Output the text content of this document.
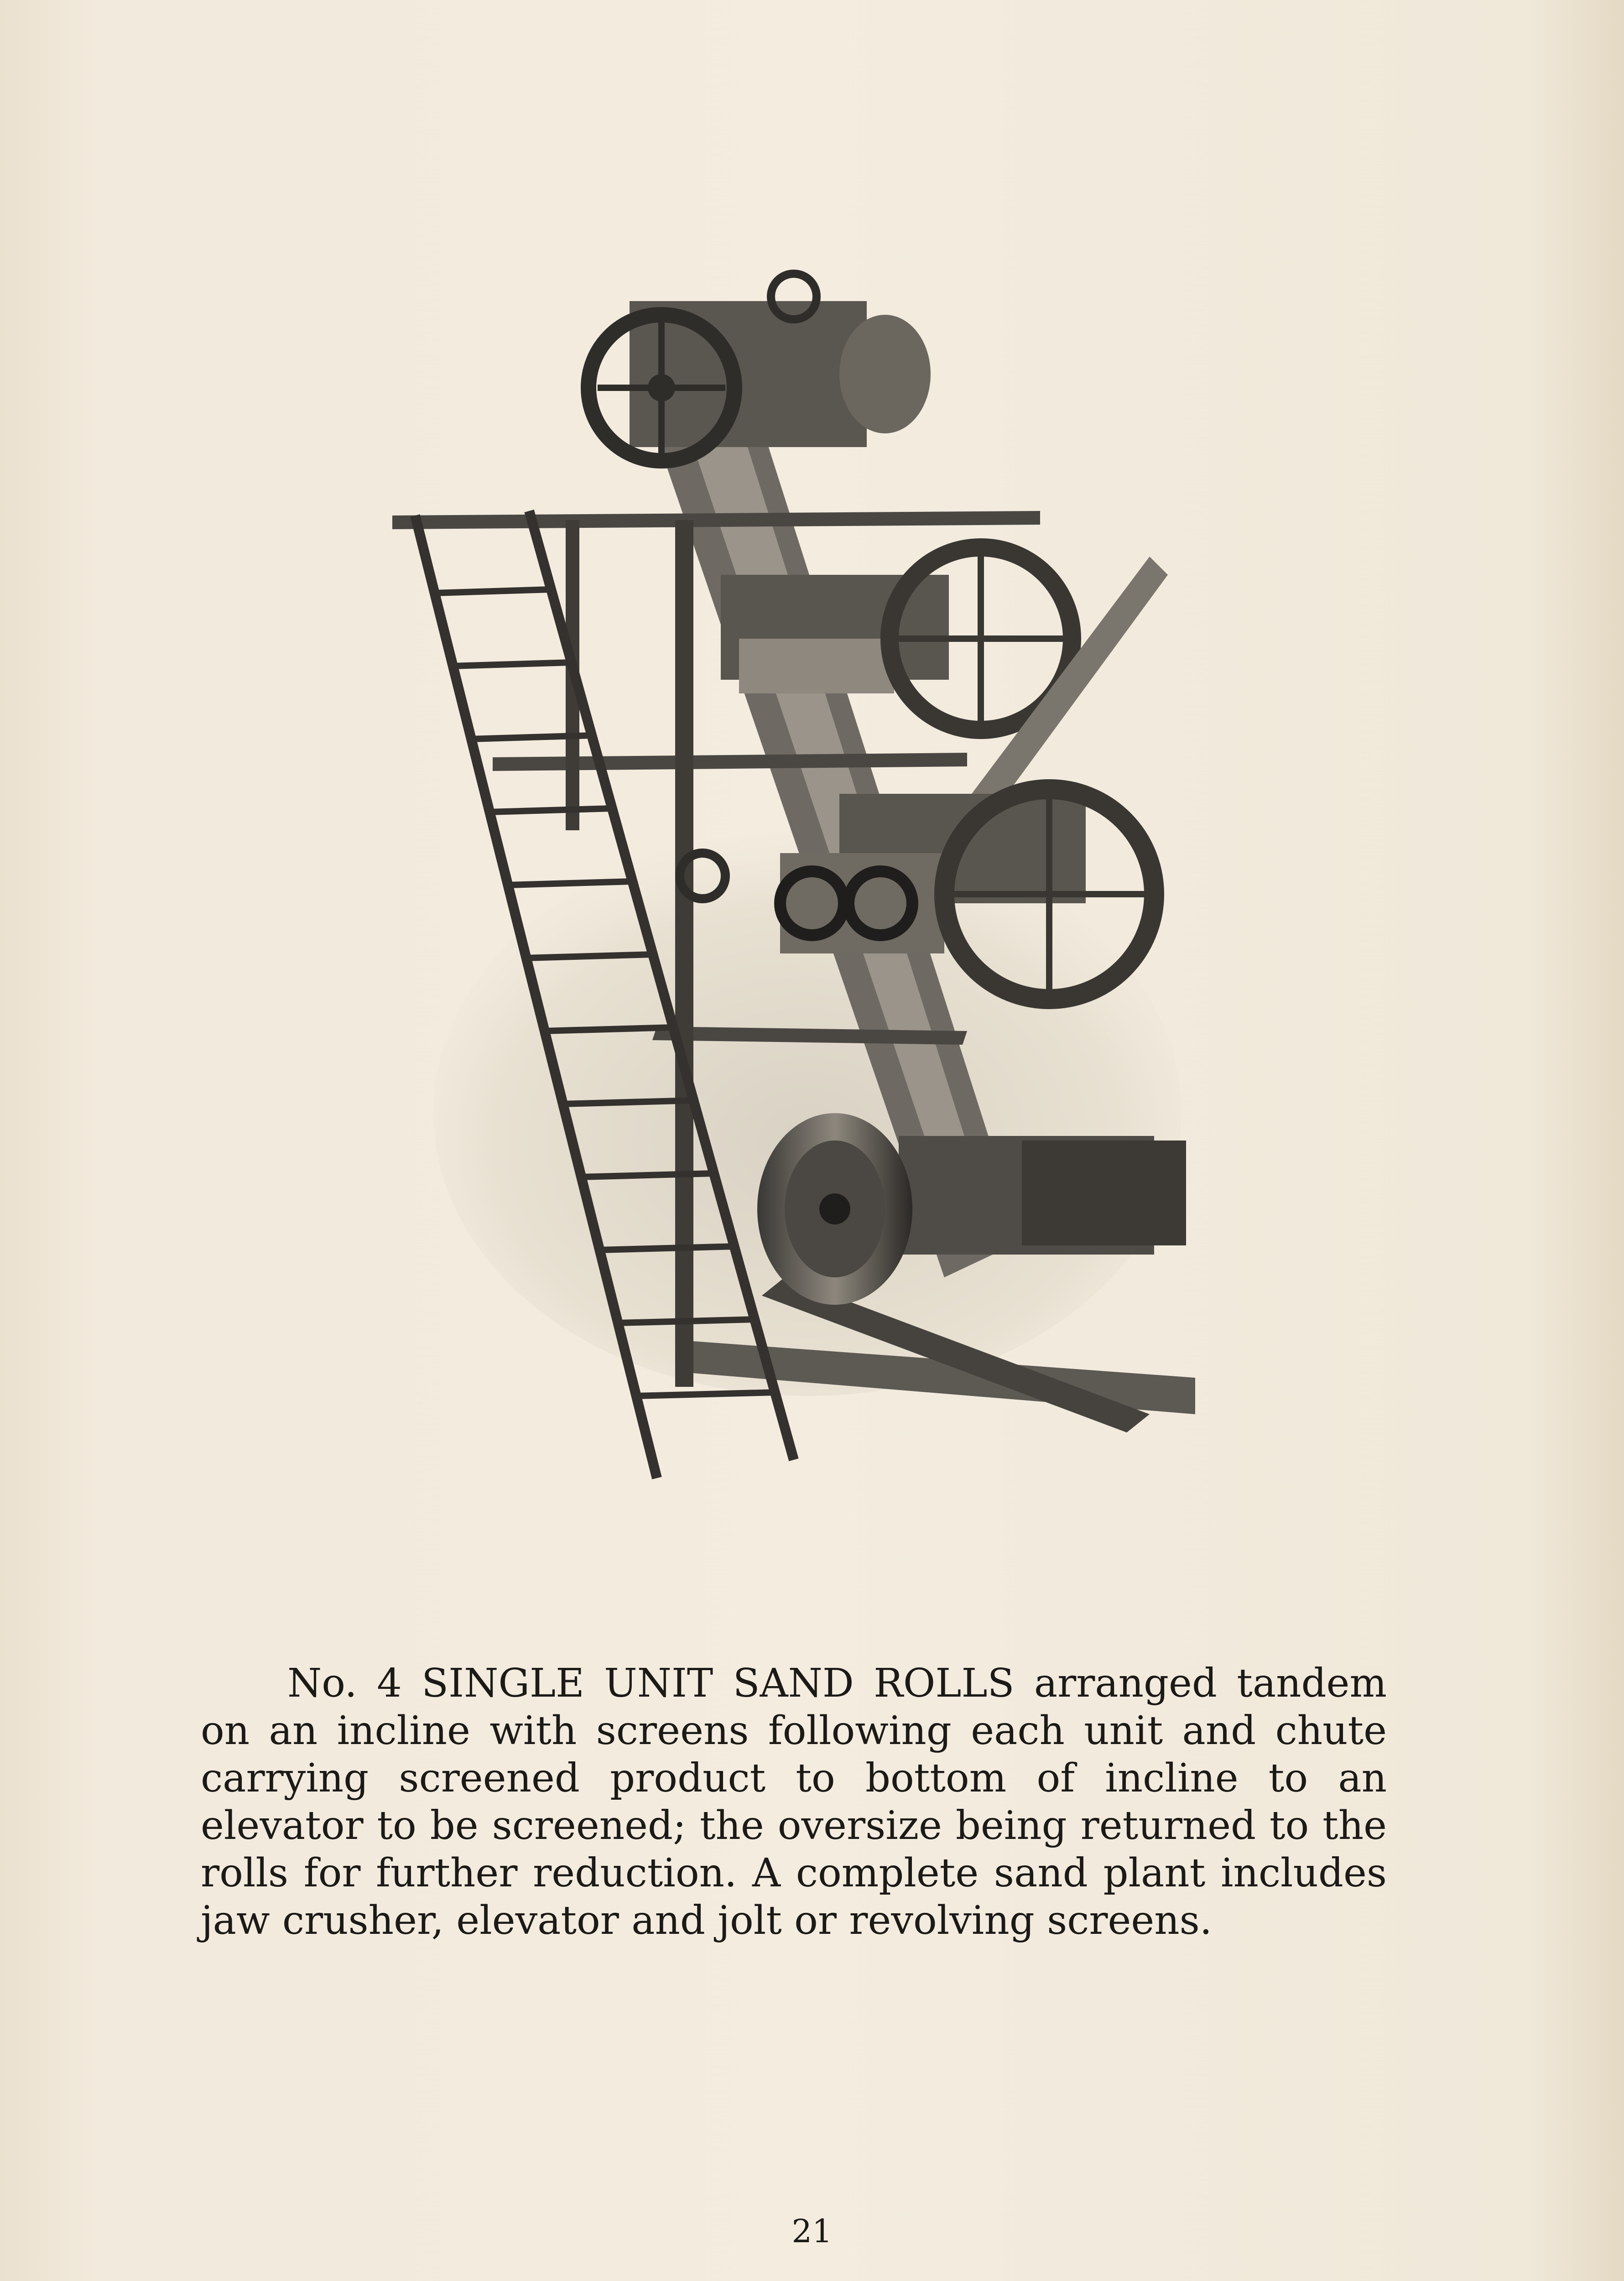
No. 4 SINGLE UNIT SAND ROLLS arranged tandem on an incline with screens following each unit and chute carrying screened product to bottom of incline to an elevator to be screened; the oversize being returned to the rolls for further reduction. A complete sand plant includes jaw crusher, elevator and jolt or revolving screens.

21
